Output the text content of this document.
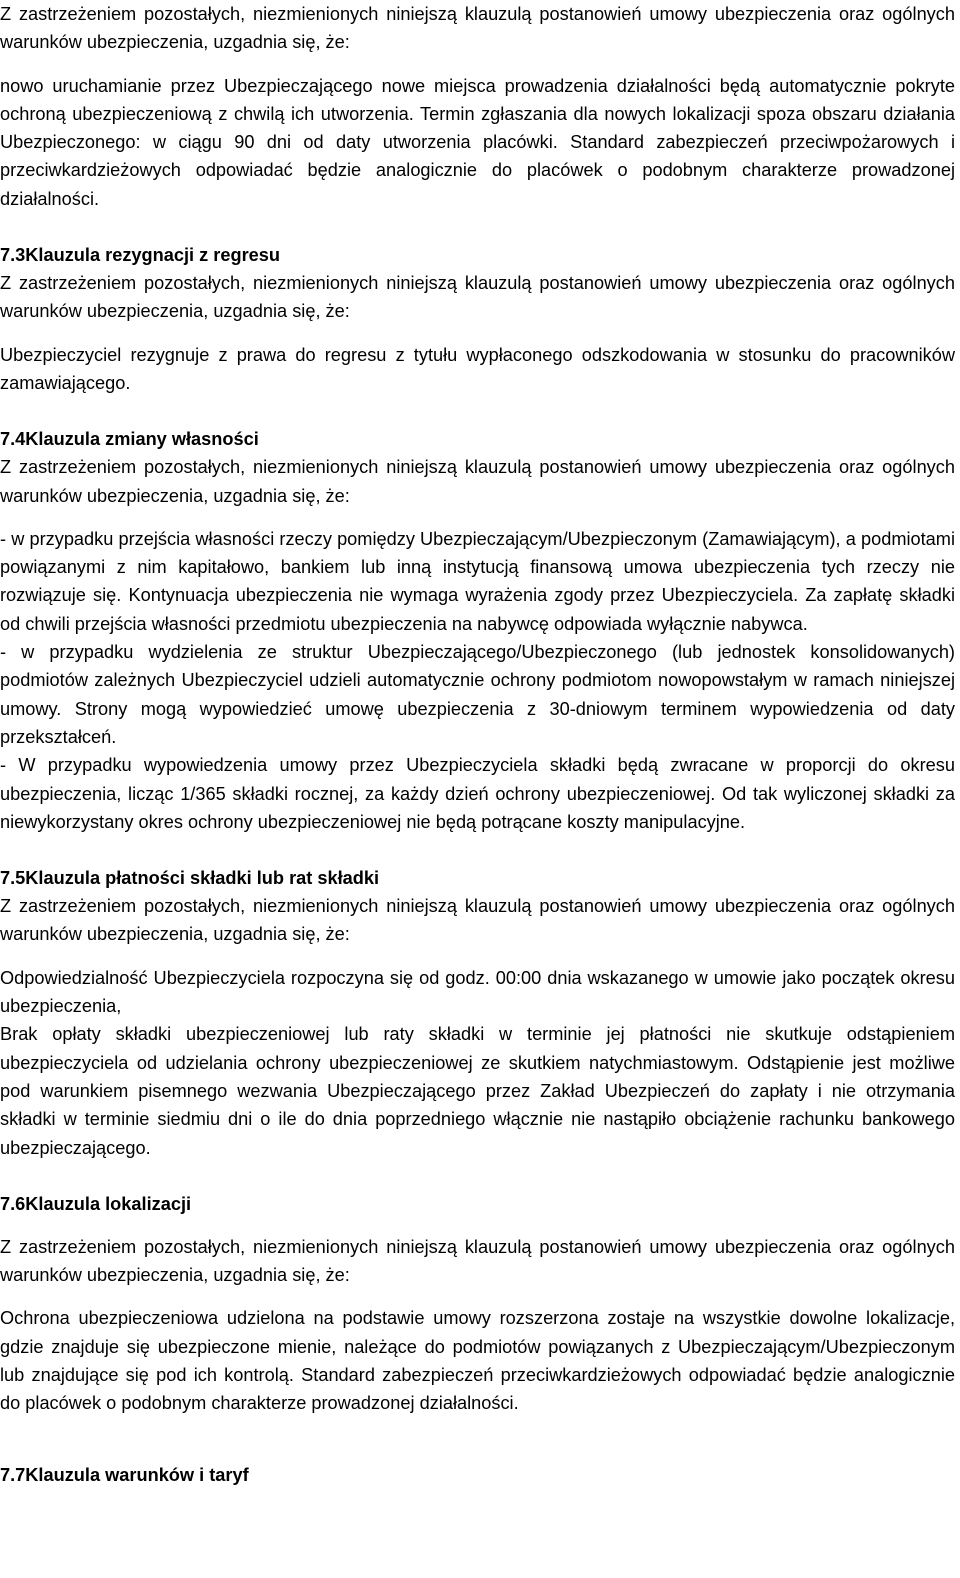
Z zastrzeżeniem pozostałych, niezmienionych niniejszą klauzulą postanowień umowy ubezpieczenia oraz ogólnych warunków ubezpieczenia, uzgadnia się, że:

nowo uruchamianie przez Ubezpieczającego nowe miejsca prowadzenia działalności będą automatycznie pokryte ochroną ubezpieczeniową z chwilą ich utworzenia. Termin zgłaszania dla nowych lokalizacji spoza obszaru działania Ubezpieczonego: w ciągu 90 dni od daty utworzenia placówki. Standard zabezpieczeń przeciwpożarowych i przeciwkardzieżowych odpowiadać będzie analogicznie do placówek o podobnym charakterze prowadzonej działalności.

7.3Klauzula rezygnacji z regresu

Z zastrzeżeniem pozostałych, niezmienionych niniejszą klauzulą postanowień umowy ubezpieczenia oraz ogólnych warunków ubezpieczenia, uzgadnia się, że:

Ubezpieczyciel rezygnuje z prawa do regresu z tytułu wypłaconego odszkodowania w stosunku do pracowników zamawiającego.

7.4Klauzula zmiany własności

Z zastrzeżeniem pozostałych, niezmienionych niniejszą klauzulą postanowień umowy ubezpieczenia oraz ogólnych warunków ubezpieczenia, uzgadnia się, że:

- w przypadku przejścia własności rzeczy pomiędzy Ubezpieczającym/Ubezpieczonym (Zamawiającym), a podmiotami powiązanymi z nim kapitałowo, bankiem lub inną instytucją finansową umowa ubezpieczenia tych rzeczy nie rozwiązuje się. Kontynuacja ubezpieczenia nie wymaga wyrażenia zgody przez Ubezpieczyciela. Za zapłatę składki od chwili przejścia własności przedmiotu ubezpieczenia na nabywcę odpowiada wyłącznie nabywca.

- w przypadku wydzielenia ze struktur Ubezpieczającego/Ubezpieczonego (lub jednostek konsolidowanych) podmiotów zależnych Ubezpieczyciel udzieli automatycznie ochrony podmiotom nowopowstałym w ramach niniejszej umowy. Strony mogą wypowiedzieć umowę ubezpieczenia z 30-dniowym terminem wypowiedzenia od daty przekształceń.

- W przypadku wypowiedzenia umowy przez Ubezpieczyciela składki będą zwracane w proporcji do okresu ubezpieczenia, licząc 1/365 składki rocznej, za każdy dzień ochrony ubezpieczeniowej. Od tak wyliczonej składki za niewykorzystany okres ochrony ubezpieczeniowej nie będą potrącane koszty manipulacyjne.

7.5Klauzula płatności składki lub rat składki

Z zastrzeżeniem pozostałych, niezmienionych niniejszą klauzulą postanowień umowy ubezpieczenia oraz ogólnych warunków ubezpieczenia, uzgadnia się, że:

Odpowiedzialność Ubezpieczyciela rozpoczyna się od godz. 00:00 dnia wskazanego w umowie jako początek okresu ubezpieczenia,

Brak opłaty składki ubezpieczeniowej lub raty składki w terminie jej płatności nie skutkuje odstąpieniem ubezpieczyciela od udzielania ochrony ubezpieczeniowej ze skutkiem natychmiastowym. Odstąpienie jest możliwe pod warunkiem pisemnego wezwania Ubezpieczającego przez Zakład Ubezpieczeń do zapłaty i nie otrzymania składki w terminie siedmiu dni o ile do dnia poprzedniego włącznie nie nastąpiło obciążenie rachunku bankowego ubezpieczającego.

7.6Klauzula lokalizacji

Z zastrzeżeniem pozostałych, niezmienionych niniejszą klauzulą postanowień umowy ubezpieczenia oraz ogólnych warunków ubezpieczenia, uzgadnia się, że:

Ochrona ubezpieczeniowa udzielona na podstawie umowy rozszerzona zostaje na wszystkie dowolne lokalizacje, gdzie znajduje się ubezpieczone mienie, należące do podmiotów powiązanych z Ubezpieczającym/Ubezpieczonym lub znajdujące się pod ich kontrolą. Standard zabezpieczeń przeciwkardzieżowych odpowiadać będzie analogicznie do placówek o podobnym charakterze prowadzonej działalności.

7.7Klauzula warunków i taryf
